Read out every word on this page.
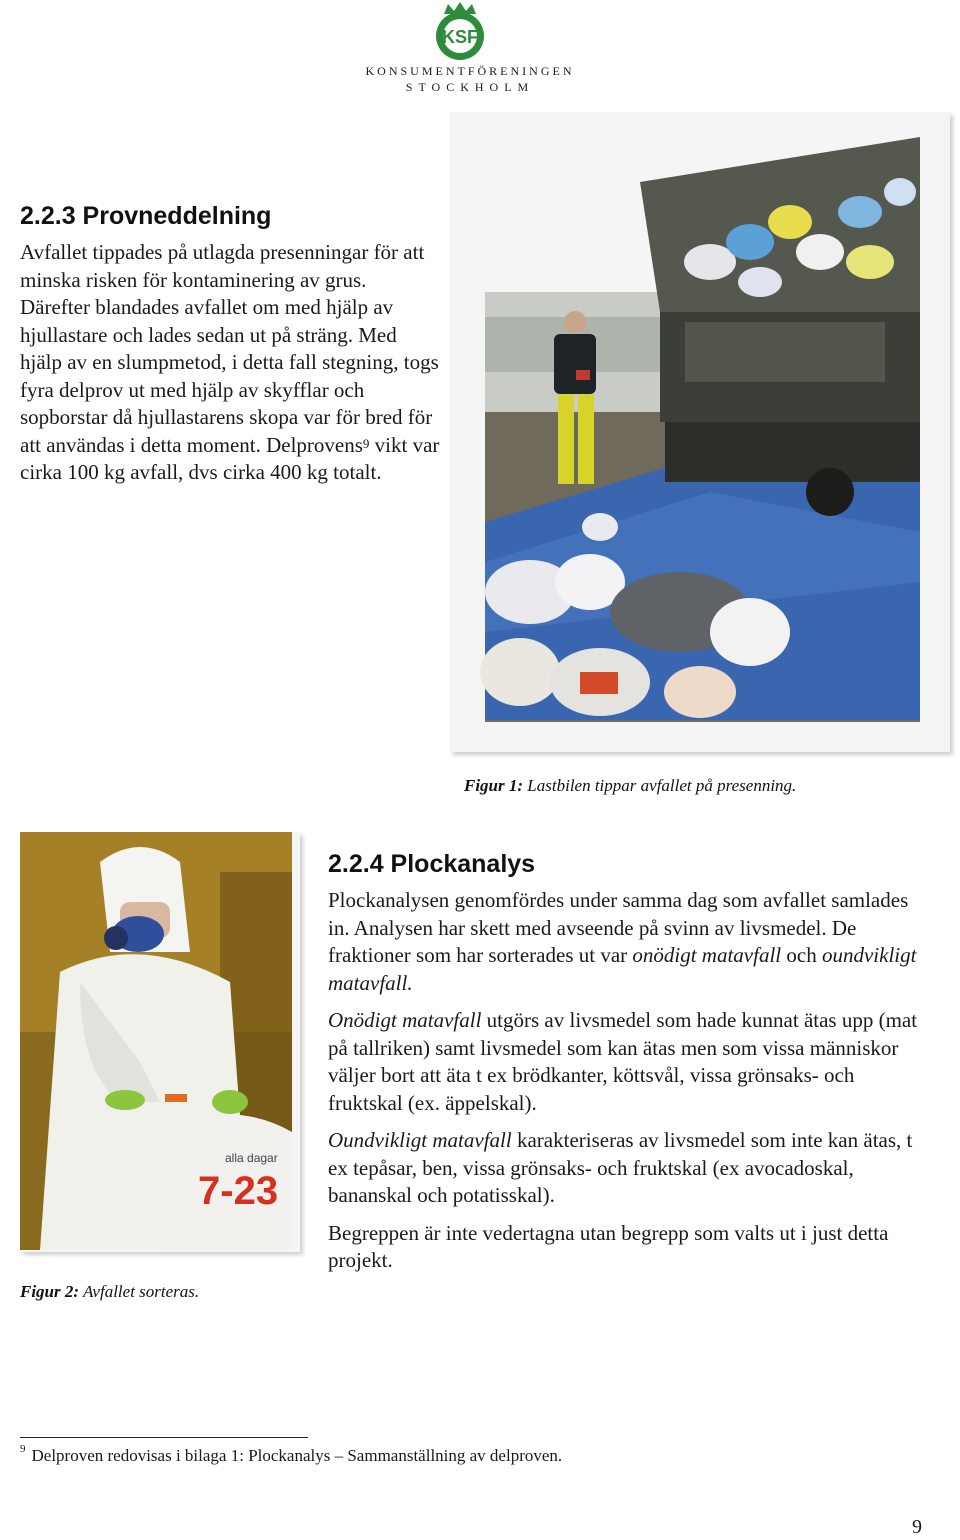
KSF
KONSUMENTFÖRENINGEN
STOCKHOLM
2.2.3 Provneddelning

Avfallet tippades på utlagda presenningar för att minska risken för kontaminering av grus. Därefter blandades avfallet om med hjälp av hjullastare och lades sedan ut på sträng. Med hjälp av en slumpmetod, i detta fall stegning, togs fyra delprov ut med hjälp av skyfflar och sopborstar då hjullastarens skopa var för bred för att användas i detta moment. Delprovens$^9$ vikt var cirka 100 kg avfall, dvs cirka 400 kg totalt.

Figur 1: Lastbilen tippar avfallet på presenning.
alla dagar
7-23
Figur 2: Avfallet sorteras.
2.2.4 Plockanalys

Plockanalysen genomfördes under samma dag som avfallet samlades in. Analysen har skett med avseende på svinn av livsmedel. De fraktioner som har sorterades ut var onödigt matavfall och oundvikligt matavfall.

Onödigt matavfall utgörs av livsmedel som hade kunnat ätas upp (mat på tallriken) samt livsmedel som kan ätas men som vissa människor väljer bort att äta t ex brödkanter, köttsvål, vissa grönsaks- och fruktskal (ex. äppelskal).

Oundvikligt matavfall karakteriseras av livsmedel som inte kan ätas, t ex tepåsar, ben, vissa grönsaks- och fruktskal (ex avocadoskal, bananskal och potatisskal).

Begreppen är inte vedertagna utan begrepp som valts ut i just detta projekt.

$^9$ Delproven redovisas i bilaga 1: Plockanalys – Sammanställning av delproven.
9
